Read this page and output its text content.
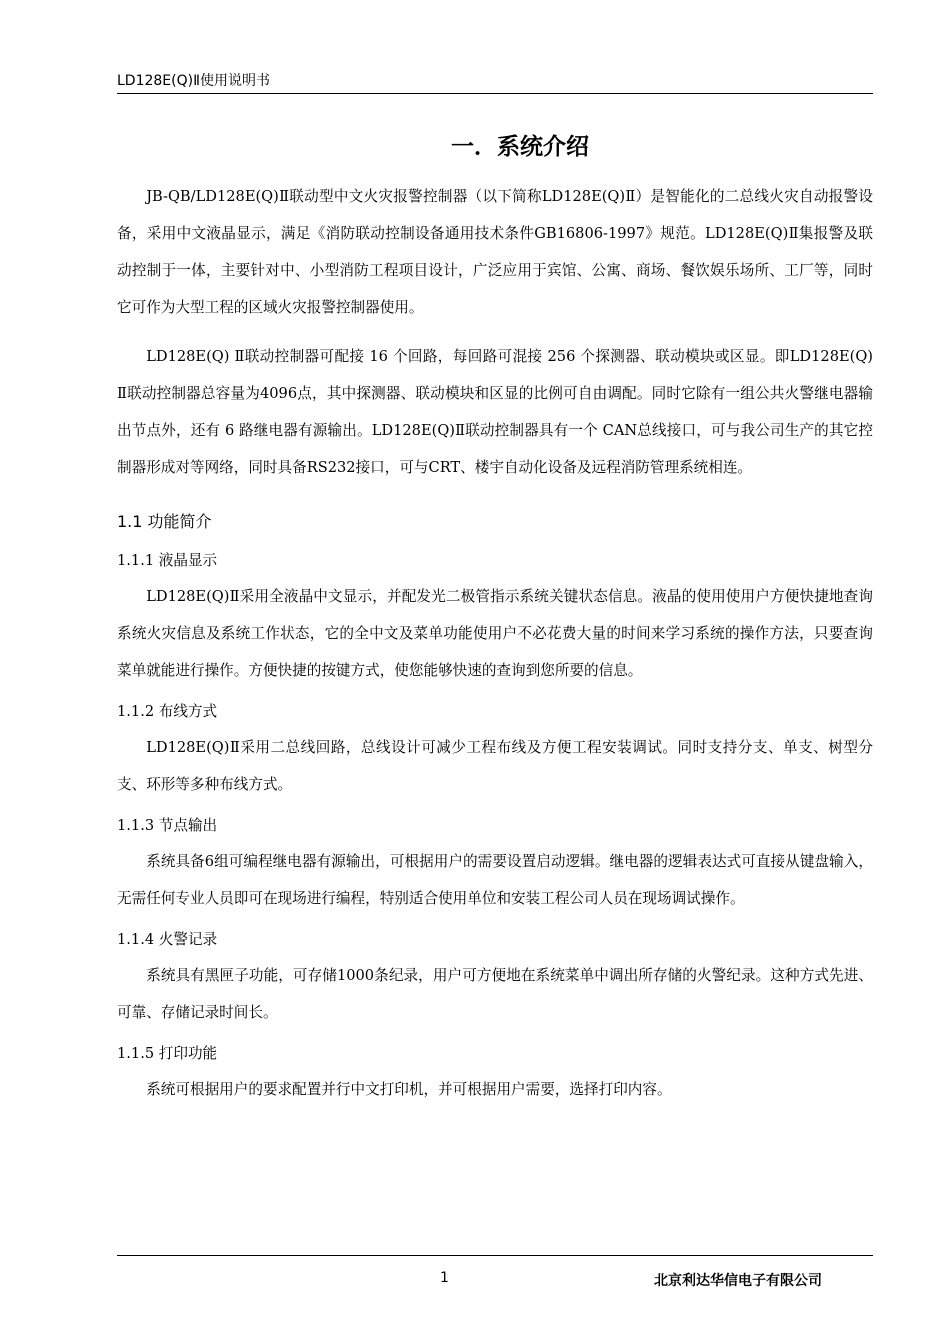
LD128E(Q)Ⅱ使用说明书
一．系统介绍

JB-QB/LD128E(Q)Ⅱ联动型中文火灾报警控制器（以下简称LD128E(Q)Ⅱ）是智能化的二总线火灾自动报警设备，采用中文液晶显示，满足《消防联动控制设备通用技术条件GB16806-1997》规范。LD128E(Q)Ⅱ集报警及联动控制于一体，主要针对中、小型消防工程项目设计，广泛应用于宾馆、公寓、商场、餐饮娱乐场所、工厂等，同时它可作为大型工程的区域火灾报警控制器使用。

LD128E(Q) Ⅱ联动控制器可配接 16 个回路，每回路可混接 256 个探测器、联动模块或区显。即LD128E(Q) Ⅱ联动控制器总容量为4096点，其中探测器、联动模块和区显的比例可自由调配。同时它除有一组公共火警继电器输出节点外，还有 6 路继电器有源输出。LD128E(Q)Ⅱ联动控制器具有一个 CAN总线接口，可与我公司生产的其它控制器形成对等网络，同时具备RS232接口，可与CRT、楼宇自动化设备及远程消防管理系统相连。

1.1 功能简介
1.1.1 液晶显示

LD128E(Q)Ⅱ采用全液晶中文显示，并配发光二极管指示系统关键状态信息。液晶的使用使用户方便快捷地查询系统火灾信息及系统工作状态，它的全中文及菜单功能使用户不必花费大量的时间来学习系统的操作方法，只要查询菜单就能进行操作。方便快捷的按键方式，使您能够快速的查询到您所要的信息。

1.1.2 布线方式

LD128E(Q)Ⅱ采用二总线回路，总线设计可减少工程布线及方便工程安装调试。同时支持分支、单支、树型分支、环形等多种布线方式。

1.1.3 节点输出

系统具备6组可编程继电器有源输出，可根据用户的需要设置启动逻辑。继电器的逻辑表达式可直接从键盘输入，无需任何专业人员即可在现场进行编程，特别适合使用单位和安装工程公司人员在现场调试操作。

1.1.4 火警记录

系统具有黑匣子功能，可存储1000条纪录，用户可方便地在系统菜单中调出所存储的火警纪录。这种方式先进、可靠、存储记录时间长。

1.1.5 打印功能

系统可根据用户的要求配置并行中文打印机，并可根据用户需要，选择打印内容。

1	北京利达华信电子有限公司
